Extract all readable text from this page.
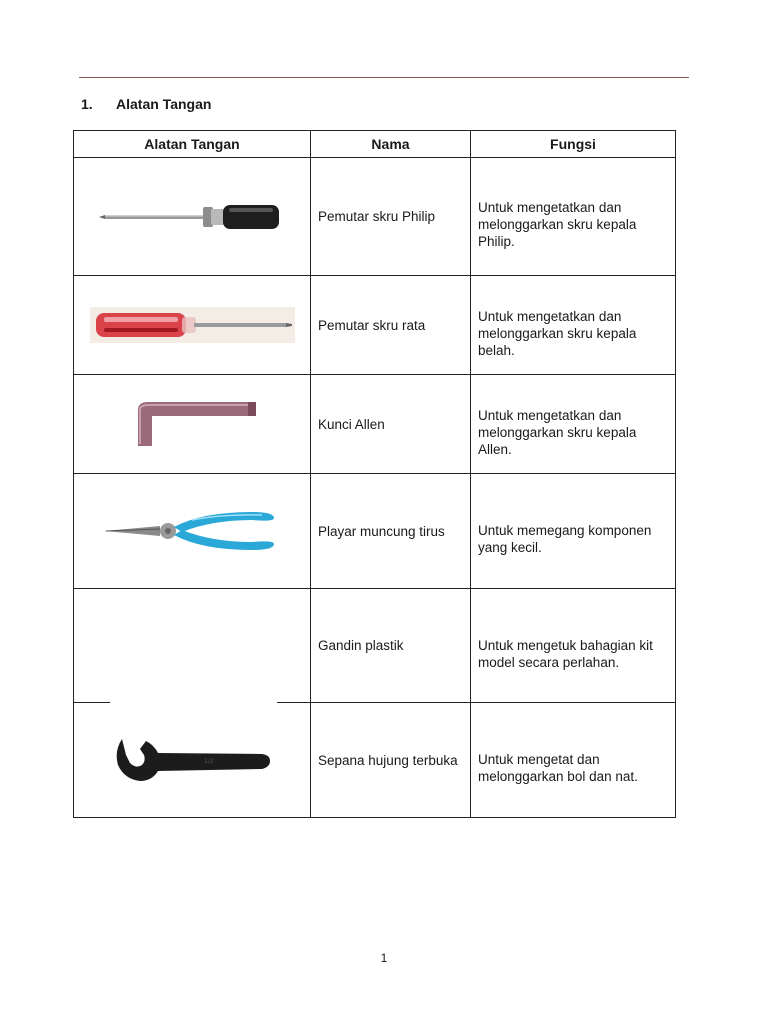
1. Alatan Tangan
Alatan Tangan	Nama	Fungsi

	Pemutar skru Philip	Untuk mengetatkan dan melonggarkan skru kepala Philip.

	Pemutar skru rata	Untuk mengetatkan dan melonggarkan skru kepala belah.

	Kunci Allen	Untuk mengetatkan dan melonggarkan skru kepala Allen.

	Playar muncung tirus	Untuk memegang komponen yang kecil.
	Gandin plastik	Untuk mengetuk bahagian kit model secara perlahan.

1/2	Sepana hujung terbuka	Untuk mengetat dan melonggarkan bol dan nat.
1
